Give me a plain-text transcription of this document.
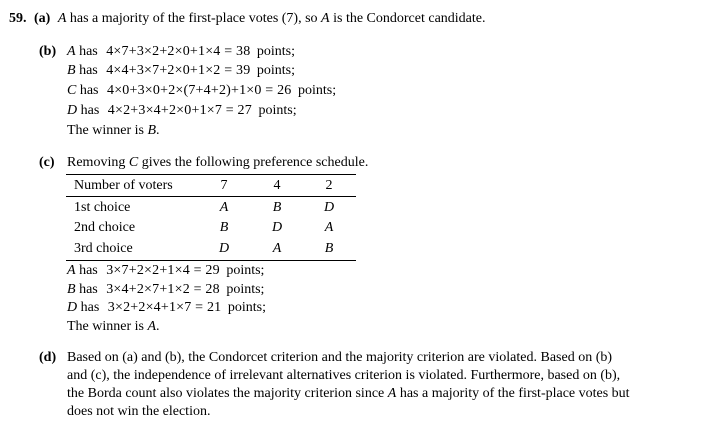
59. (a) A has a majority of the first-place votes (7), so A is the Condorcet candidate.
(b) A has 4×7+3×2+2×0+1×4 = 38 points;
B has 4×4+3×7+2×0+1×2 = 39 points;
C has 4×0+3×0+2×(7+4+2)+1×0 = 26 points;
D has 4×2+3×4+2×0+1×7 = 27 points;
The winner is B.
(c) Removing C gives the following preference schedule.
Number of voters	7	4	2
1st choice	A	B	D
2nd choice	B	D	A
3rd choice	D	A	B
A has 3×7+2×2+1×4 = 29 points;
B has 3×4+2×7+1×2 = 28 points;
D has 3×2+2×4+1×7 = 21 points;
The winner is A.
(d) Based on (a) and (b), the Condorcet criterion and the majority criterion are violated. Based on (b)
and (c), the independence of irrelevant alternatives criterion is violated. Furthermore, based on (b),
the Borda count also violates the majority criterion since A has a majority of the first-place votes but
does not win the election.
